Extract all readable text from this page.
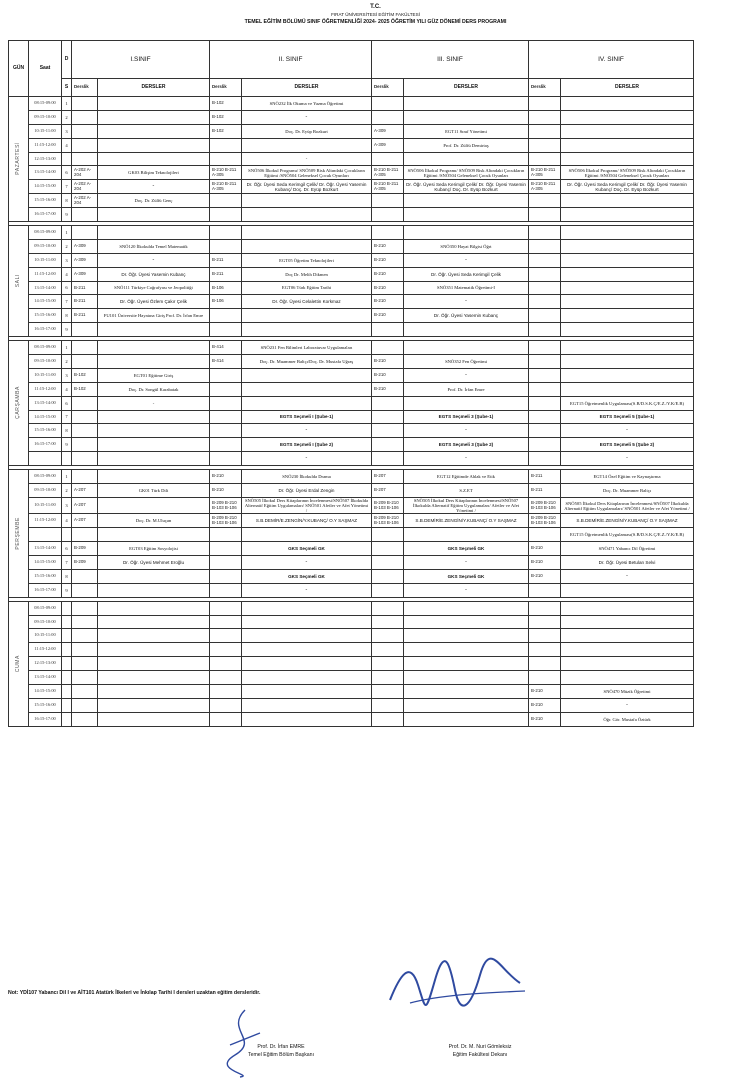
T.C.
FIRAT ÜNİVERSİTESİ EĞİTİM FAKÜLTESİ
TEMEL EĞİTİM BÖLÜMÜ SINIF ÖĞRETMENLİĞİ 2024- 2025 ÖĞRETİM YILI GÜZ DÖNEMİ DERS PROGRAMI
GÜN	Saat	D	I.SINIF		II. SINIF		III. SINIF		IV. SINIF	
		S	Derslik	DERSLER	Derslik	DERSLER	Derslik	DERSLER	Derslik	DERSLER
PAZARTESİ	08:15-09:00	1			B-102	SNÖ232 İlk Okuma ve Yazma Öğretimi				
	09:15-10:00	2			B-102	"				
	10:15-11:00	3			B-102	Doç. Dr. Eyüp Bozkurt	A-309	EGT11 Sınıf Yönetimi		
	11:15-12:00	4					A-309	Prof. Dr. Zülfü Demirtaş		
	12:15-13:00					-				
	13:15-14:00	6	A-202 A-204	GK03 Bilişim Teknolojileri	B-210 B-211 A-305	SNÖ506 İlkokul Programı/ SNÖ509 Risk Altındaki Çocukların Eğitimi /SNÖ504 Geleneksel Çocuk Oyunları	B-210 B-211 A-305	SNÖ506 İlkokul Programı/ SNÖ509 Risk Altındaki Çocukların Eğitimi /SNÖ504 Geleneksel Çocuk Oyunları	B-210 B-211 A-305	SNÖ506 İlkokul Programı/ SNÖ509 Risk Altındaki Çocukların Eğitimi /SNÖ504 Geleneksel Çocuk Oyunları
	14:15-15:00	7	A-202 A-204	"	B-210 B-211 A-305	Dr. Öğr. Üyesi Seda Kerimgil Çelik/ Dr. Öğr. Üyesi Yasemin Kubanç/ Doç. Dr. Eyüp Bozkurt	B-210 B-211 A-305	Dr. Öğr. Üyesi Seda Kerimgil Çelik/ Dr. Öğr. Üyesi Yasemin Kubanç/ Doç. Dr. Eyüp Bozkurt	B-210 B-211 A-305	Dr. Öğr. Üyesi Seda Kerimgil Çelik/ Dr. Öğr. Üyesi Yasemin Kubanç/ Doç. Dr. Eyüp Bozkurt
	15:15-16:00	8	A-202 A-204	Doç. Dr. Zülfü Genç						
	16:15-17:00	9								

SALI	08:15-09:00	1								
	09:15-10:00	2	A-309	SNÖ120 İlkokulda Temel Matematik			B-210	SNÖ350 Hayat Bilgisi Öğrt		
	10:15-11:00	3	A-309	"	B-211	EGT05 Öğretim Teknolojileri	B-210	"		
	11:15-12:00	4	A-309	Dr. Öğr. Üyesi Yasemin Kubanç	B-211	Doç Dr. Melih Dikmen	B-210	Dr. Öğr. Üyesi Seda Kerimgil Çelik		
	13:15-14:00	6	B-211	SNÖ111 Türkiye Coğrafyası ve Jeopolitiği	B-106	EGT06 Türk Eğitim Tarihi	B-210	SNÖ351 Matematik Öğretimi-I		
	14:15-15:00	7	B-211	Dr. Öğr. Üyesi Özlem Çakır Çelik	B-106	Dr. Öğr. Üyesi Celalettin Korkmaz	B-210	"		
	15:15-16:00	8	B-211	FU101 Üniversite Hayatına Giriş Prof. Dr. İrfan Emre			B-210	Dr. Öğr. Üyesi Yasemin Kubanç		
	16:15-17:00	9								

ÇARŞAMBA	08:15-09:00	1			B-414	SNÖ231 Fen Bilimleri Laboratuvar Uygulamaları				
	09:15-10:00	2			B-414	Doç. Dr. Muammer Baltçı/Doç. Dr. Mustafa Uğraş	B-210	SNÖ352 Fen Öğretimi		
	10:15-11:00	3	B-102	EGT01 Eğitime Giriş			B-210	"		
	11:15-12:00	4	B-102	Doç. Dr. Songül Karabatak			B-210	Prof. Dr. İrfan Emre		
	13:15-14:00	6		-						EGT15 Öğretmenlik Uygulaması(S.B/D.S.K.Ç/E.Z./Y.K/E.B)
	14:15-15:00	7				EGTS Seçmeli I (Şube-1)		EGTS Seçmeli 3 (Şube-1)		EGTS Seçmeli 5 (Şube-1)
	15:15-16:00	8				"		"		"
	16:15-17:00	9				EGTS Seçmeli I (Şube 2)		EGTS Seçmeli 3 (Şube 2)		EGTS Seçmeli 5 (Şube 2)
						"		"		"

PERŞEMBE	08:15-09:00	1			B-210	SNÖ230 İlkokulda Drama	B-207	EGT12 Eğitimde Ahlak ve Etik	B-211	EGT14 Özel Eğitim ve Kaynaştırma
	09:15-10:00	2	A-207	GK01 Türk Dili	B-210	Dr. Öğr. Üyesi Erdal Zengin	B-207	S.Z.ET	B-211	Doç. Dr. Muammer Baltçı
	10:15-11:00	3	A-207		B-209 B-210 B-103 B-106	SNÖ505 İlkokul Ders Kitaplarının İncelenmesi/SNÖ507 İlkokulda Alternatif Eğitim Uygulamaları/ SNÖ501 Afetler ve Afet Yönetimi /	B-209 B-210 B-103 B-106	SNÖ505 İlkokul Ders Kitaplarının İncelenmesi/SNÖ507 İlkokulda Alternatif Eğitim Uygulamaları/ Afetler ve Afet Yönetimi /	B-209 B-210 B-103 B-106	SNÖ505 İlkokul Ders Kitaplarının İncelenmesi/SNÖ507 İlkokulda Alternatif Eğitim Uygulamaları/ SNÖ501 Afetler ve Afet Yönetimi /
	11:15-12:00	4	A-207	Doç. Dr. M.Uluçan	B-209 B-210 B-103 B-106	S.B.DEMİR/E.ZENGİN/Y.KUBANÇ/ O.Y SAŞMAZ	B-209 B-210 B-103 B-106	S.B.DEMİR/E.ZENGİN/Y.KUBANÇ/ O.Y SAŞMAZ	B-209 B-210 B-103 B-106	S.B.DEMİR/E.ZENGİN/Y.KUBANÇ/ O.Y SAŞMAZ
										EGT15 Öğretmenlik Uygulaması(S.B/D.S.K.Ç/E.Z./Y.K/E.B)
	13:15-14:00	6	B-209	EGT03 Eğitim Sosyolojisi		GKS Seçmeli GK		GKS Seçmeli GK	B-210	SNÖ471 Yabancı Dil Öğretimi
	14:15-15:00	7	B-209	Dr. Öğr. Üyesi Mehmet Eroğlu		"		"	B-210	Dr. Öğr. Üyesi Betulan Selvi
	15:15-16:00	8				GKS Seçmeli GK		GKS Seçmeli GK	B-210	"
	16:15-17:00	9				"		"		

CUMA	08:15-09:00									
	09:15-10:00									
	10:15-11:00									
	11:15-12:00									
	12:15-13:00									
	13:15-14:00									
	14:15-15:00								B-210	SNÖ470 Müzik Öğretimi
	15:15-16:00								B-210	"
	16:15-17:00								B-210	Öğr. Gör. Mustafa Öztürk
Not: YDİ107 Yabancı Dil I ve AİT101 Atatürk İlkeleri ve İnkılap Tarihi I dersleri uzaktan eğitim dersleridir.
Prof. Dr. İrfan EMRE
Temel Eğitim Bölüm Başkanı
Prof. Dr. M. Nuri Gömleksiz
Eğitim Fakültesi Dekanı
